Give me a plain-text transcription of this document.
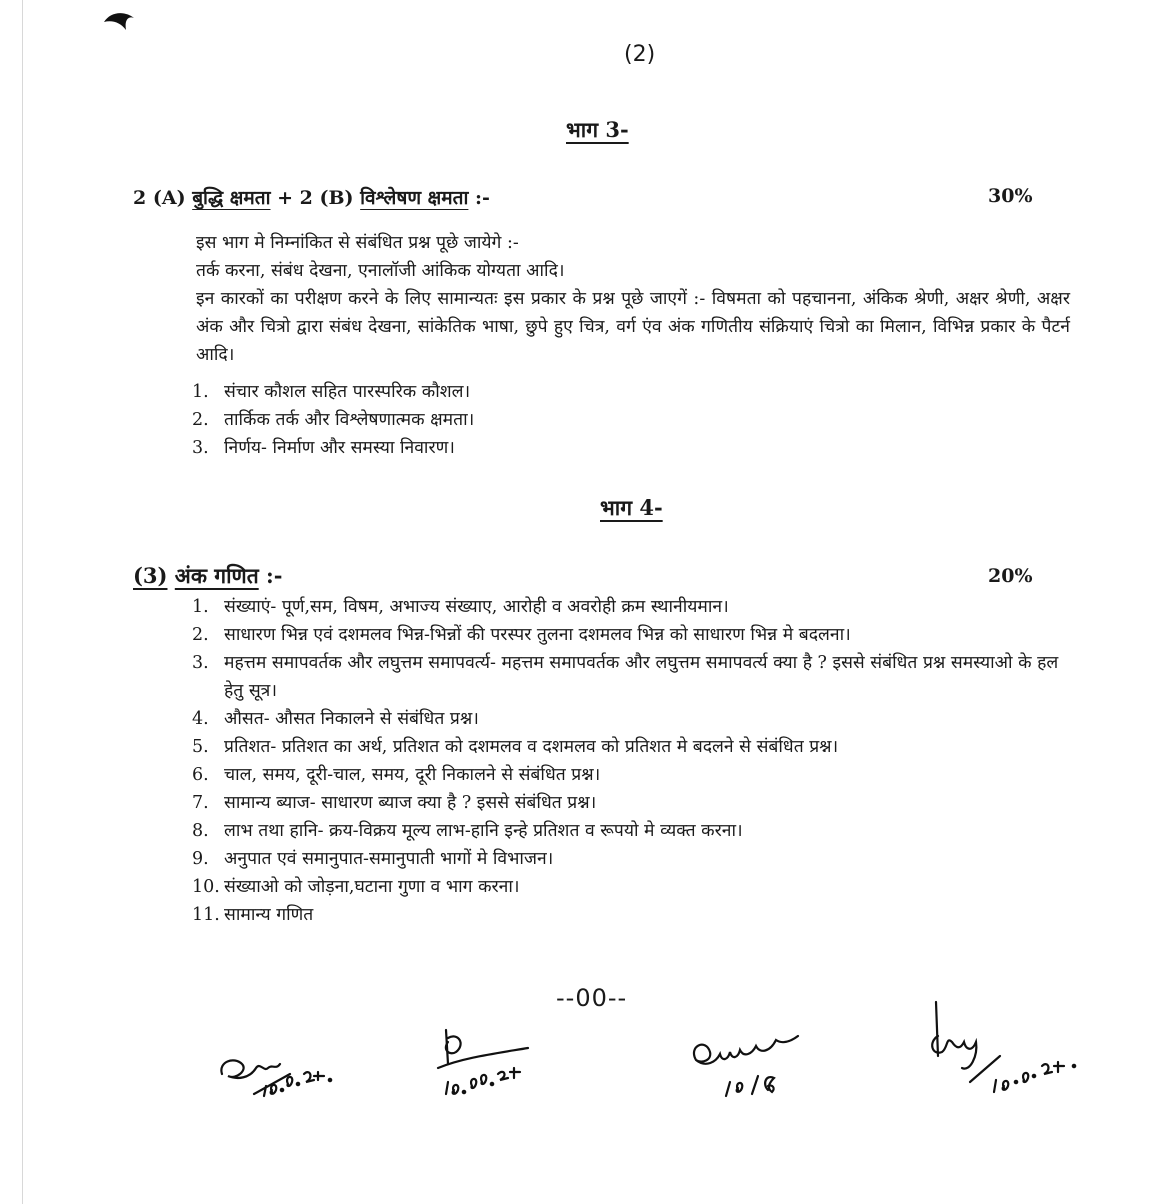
(2)
भाग 3-
2 (A) बुद्धि क्षमता + 2 (B) विश्लेषण क्षमता :-	30%

इस भाग मे निम्नांकित से संबंधित प्रश्न पूछे जायेगे :-

तर्क करना, संबंध देखना, एनालॉजी आंकिक योग्यता आदि।

इन कारकों का परीक्षण करने के लिए सामान्यतः इस प्रकार के प्रश्न पूछे जाएगें :- विषमता को पहचानना, अंकिक श्रेणी, अक्षर श्रेणी, अक्षर अंक और चित्रो द्वारा संबंध देखना, सांकेतिक भाषा, छुपे हुए चित्र, वर्ग एंव अंक गणितीय संक्रियाएं चित्रो का मिलान, विभिन्न प्रकार के पैटर्न आदि।

1. संचार कौशल सहित पारस्परिक कौशल।
2. तार्किक तर्क और विश्लेषणात्मक क्षमता।
3. निर्णय- निर्माण और समस्या निवारण।
भाग 4-
(3) अंक गणित :-	20%
1. संख्याएं- पूर्ण,सम, विषम, अभाज्य संख्याए, आरोही व अवरोही क्रम स्थानीयमान।
2. साधारण भिन्न एवं दशमलव भिन्न-भिन्नों की परस्पर तुलना दशमलव भिन्न को साधारण भिन्न मे बदलना।
3. महत्तम समापवर्तक और लघुत्तम समापवर्त्य- महत्तम समापवर्तक और लघुत्तम समापवर्त्य क्या है ? इससे संबंधित प्रश्न समस्याओ के हल हेतु सूत्र।
4. औसत- औसत निकालने से संबंधित प्रश्न।
5. प्रतिशत- प्रतिशत का अर्थ, प्रतिशत को दशमलव व दशमलव को प्रतिशत मे बदलने से संबंधित प्रश्न।
6. चाल, समय, दूरी-चाल, समय, दूरी निकालने से संबंधित प्रश्न।
7. सामान्य ब्याज- साधारण ब्याज क्या है ? इससे संबंधित प्रश्न।
8. लाभ तथा हानि- क्रय-विक्रय मूल्य लाभ-हानि इन्हे प्रतिशत व रूपयो मे व्यक्त करना।
9. अनुपात एवं समानुपात-समानुपाती भागों मे विभाजन।
10. संख्याओ को जोड़ना,घटाना गुणा व भाग करना।
11. सामान्य गणित
--00--
